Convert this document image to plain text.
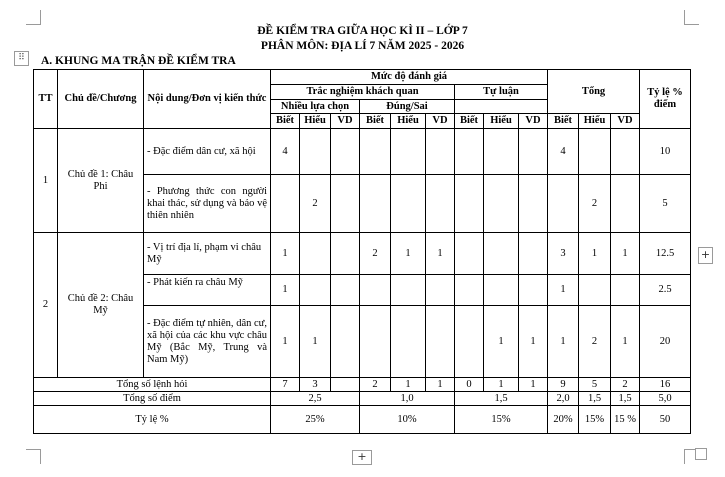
ĐỀ KIỂM TRA GIỮA HỌC KÌ II – LỚP 7
PHÂN MÔN: ĐỊA LÍ 7 NĂM 2025 - 2026
⠿	A. KHUNG MA TRẬN ĐỀ KIỂM TRA
TT	Chủ đề/Chương	Nội dung/Đơn vị kiến thức	Mức độ đánh giá									Tổng			Tỷ lệ % điểm
			Trắc nghiệm khách quan						Tự luận						
			Nhiều lựa chọn			Đúng/Sai									
			Biết	Hiểu	VD	Biết	Hiểu	VD	Biết	Hiểu	VD	Biết	Hiểu	VD	
1	Chủ đề 1: Châu Phi	- Đặc điểm dân cư, xã hội	4									4			10
		- Phương thức con người khai thác, sử dụng và bảo vệ thiên nhiên		2									2		5
2	Chủ đề 2: Châu Mỹ	- Vị trí địa lí, phạm vi châu Mỹ	1			2	1	1				3	1	1	12.5
		- Phát kiến ra châu Mỹ	1									1			2.5
		- Đặc điểm tự nhiên, dân cư, xã hội của các khu vực châu Mỹ (Bắc Mỹ, Trung và Nam Mỹ)	1	1						1	1	1	2	1	20
Tổng số lệnh hỏi			7	3		2	1	1	0	1	1	9	5	2	16
Tổng số điểm			2,5			1,0			1,5			2,0	1,5	1,5	5,0
Tỷ lệ %			25%			10%			15%			20%	15%	15 %	50
+
+
